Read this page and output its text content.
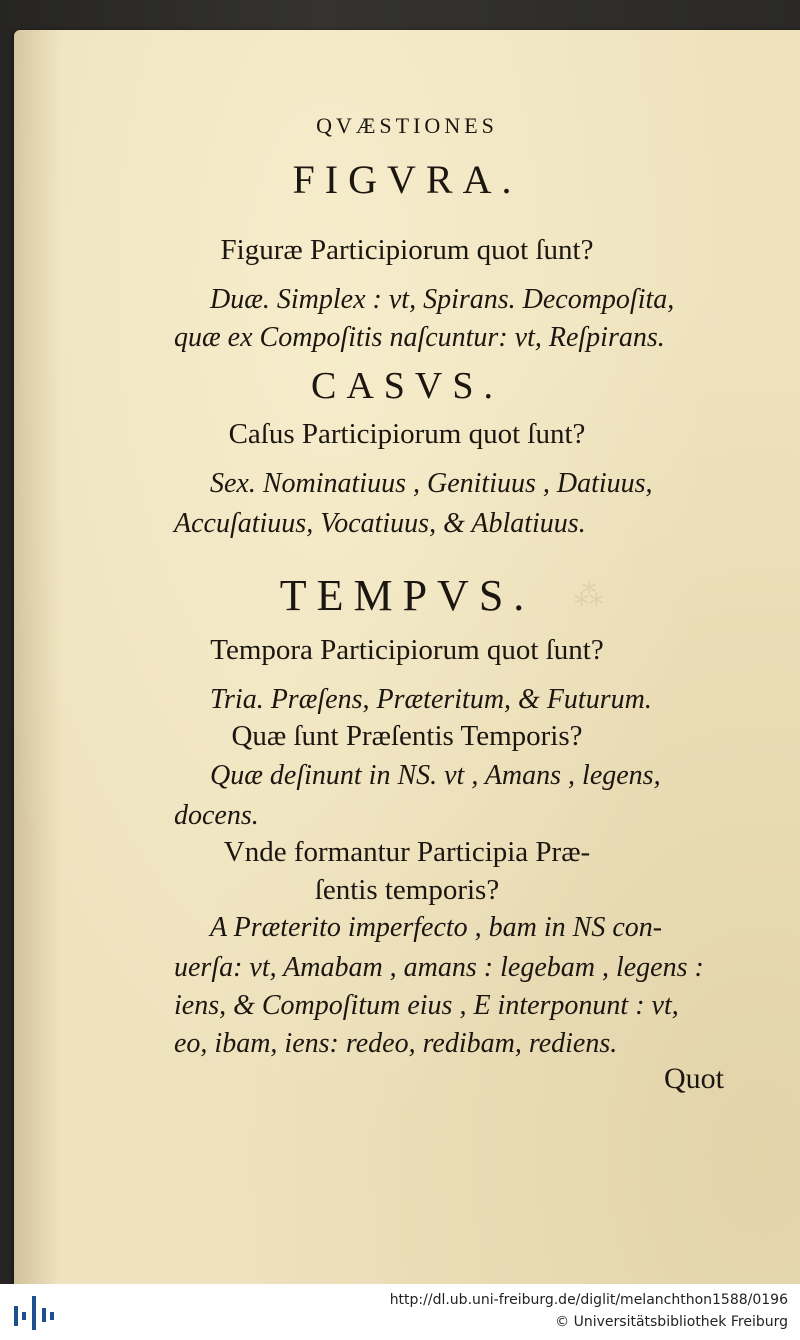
⁂
QVÆSTIONES
FIGVRA.
Figuræ Participiorum quot ſunt?
Duæ. Simplex : vt, Spirans. Decompoſita,
quæ ex Compoſitis naſcuntur: vt, Reſpirans.
CASVS.
Caſus Participiorum quot ſunt?
Sex. Nominatiuus , Genitiuus , Datiuus,
Accuſatiuus, Vocatiuus, & Ablatiuus.
TEMPVS.
Tempora Participiorum quot ſunt?
Tria. Præſens, Præteritum, & Futurum.
Quæ ſunt Præſentis Temporis?
Quæ deſinunt in NS. vt , Amans , legens,
docens.
Vnde formantur Participia Præ-
ſentis temporis?
A Præterito imperfecto , bam in NS con-
uerſa: vt, Amabam , amans : legebam , legens :
iens, & Compoſitum eius , E interponunt : vt,
eo, ibam, iens: redeo, redibam, rediens.
Quot
http://dl.ub.uni-freiburg.de/diglit/melanchthon1588/0196
© Universitätsbibliothek Freiburg
